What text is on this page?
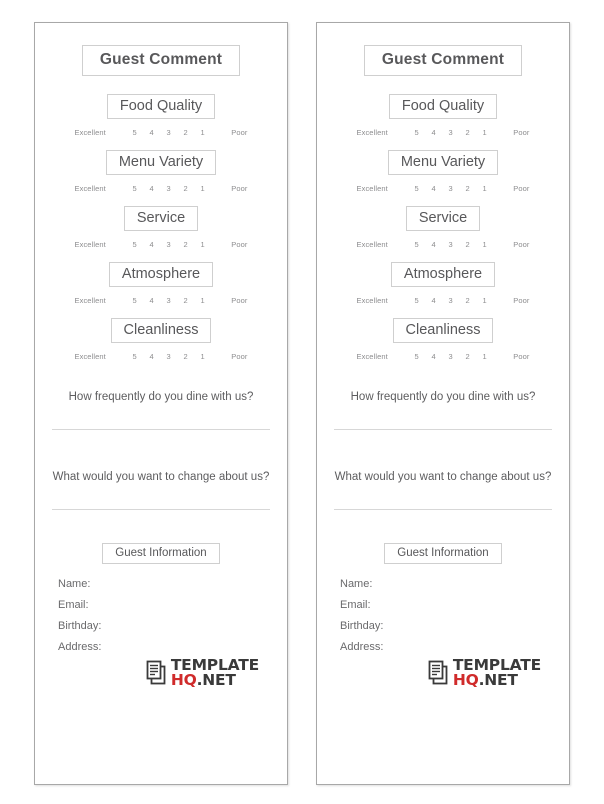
Guest Comment
Food Quality
Excellent	5 4 3 2 1	Poor
Menu Variety
Excellent	5 4 3 2 1	Poor
Service
Excellent	5 4 3 2 1	Poor
Atmosphere
Excellent	5 4 3 2 1	Poor
Cleanliness
Excellent	5 4 3 2 1	Poor
How frequently do you dine with us?
What would you want to change about us?
Guest Information
Name:
Email:
Birthday:
Address:
TEMPLATE
HQ.NET
Guest Comment
Food Quality
Excellent	5 4 3 2 1	Poor
Menu Variety
Excellent	5 4 3 2 1	Poor
Service
Excellent	5 4 3 2 1	Poor
Atmosphere
Excellent	5 4 3 2 1	Poor
Cleanliness
Excellent	5 4 3 2 1	Poor
How frequently do you dine with us?
What would you want to change about us?
Guest Information
Name:
Email:
Birthday:
Address:
TEMPLATE
HQ.NET
